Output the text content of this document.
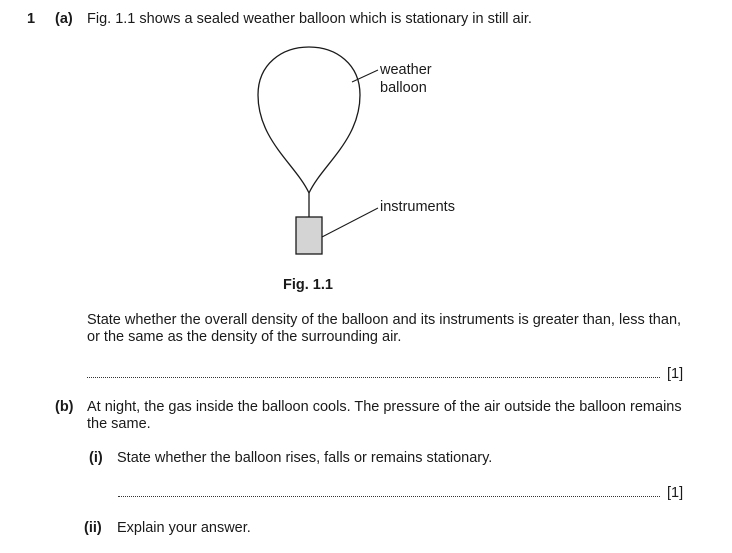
1 (a) Fig. 1.1 shows a sealed weather balloon which is stationary in still air.
weather
balloon
instruments
Fig. 1.1
State whether the overall density of the balloon and its instruments is greater than, less than,
or the same as the density of the surrounding air.
[1]
(b) At night, the gas inside the balloon cools. The pressure of the air outside the balloon remains
the same.
(i) State whether the balloon rises, falls or remains stationary.
[1]
(ii) Explain your answer.
